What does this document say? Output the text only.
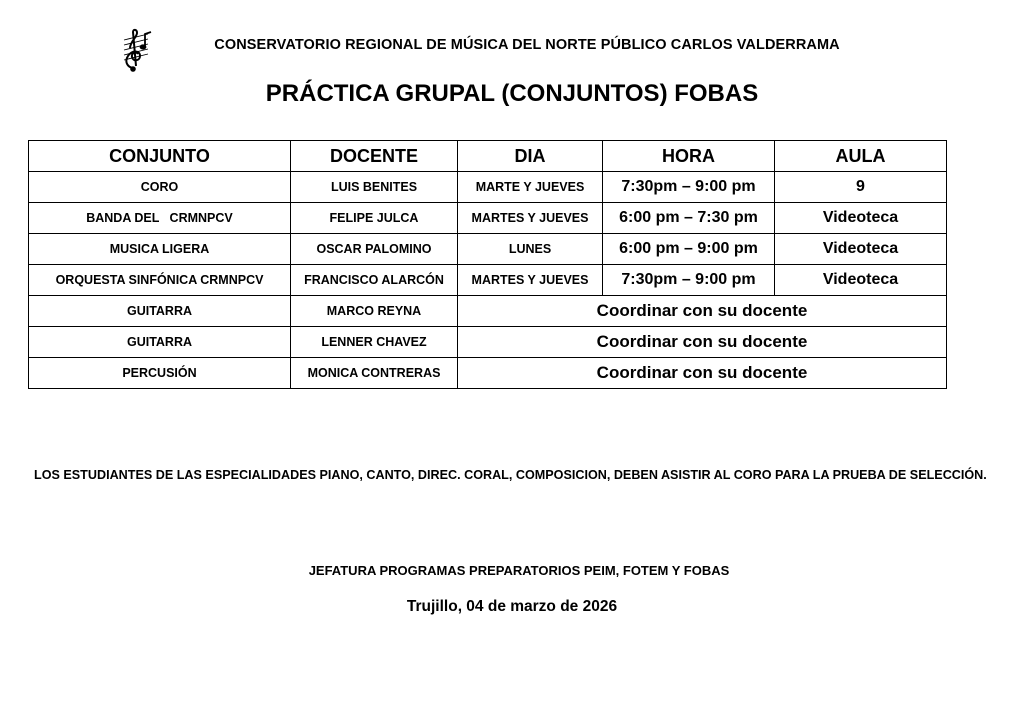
CONSERVATORIO REGIONAL DE MÚSICA DEL NORTE PÚBLICO CARLOS VALDERRAMA
PRÁCTICA GRUPAL (CONJUNTOS) FOBAS
CONJUNTO	DOCENTE	DIA	HORA	AULA
CORO	LUIS BENITES	MARTE Y JUEVES	7:30pm – 9:00 pm	9
BANDA DEL   CRMNPCV	FELIPE JULCA	MARTES Y JUEVES	6:00 pm – 7:30 pm	Videoteca
MUSICA LIGERA	OSCAR PALOMINO	LUNES	6:00 pm – 9:00 pm	Videoteca
ORQUESTA SINFÓNICA CRMNPCV	FRANCISCO ALARCÓN	MARTES Y JUEVES	7:30pm – 9:00 pm	Videoteca
GUITARRA	MARCO REYNA	Coordinar con su docente		
GUITARRA	LENNER CHAVEZ	Coordinar con su docente		
PERCUSIÓN	MONICA CONTRERAS	Coordinar con su docente		
LOS ESTUDIANTES DE LAS ESPECIALIDADES PIANO, CANTO, DIREC. CORAL, COMPOSICION, DEBEN ASISTIR AL CORO PARA LA PRUEBA DE SELECCIÓN.
JEFATURA PROGRAMAS PREPARATORIOS PEIM, FOTEM Y FOBAS
Trujillo, 04 de marzo de 2026
